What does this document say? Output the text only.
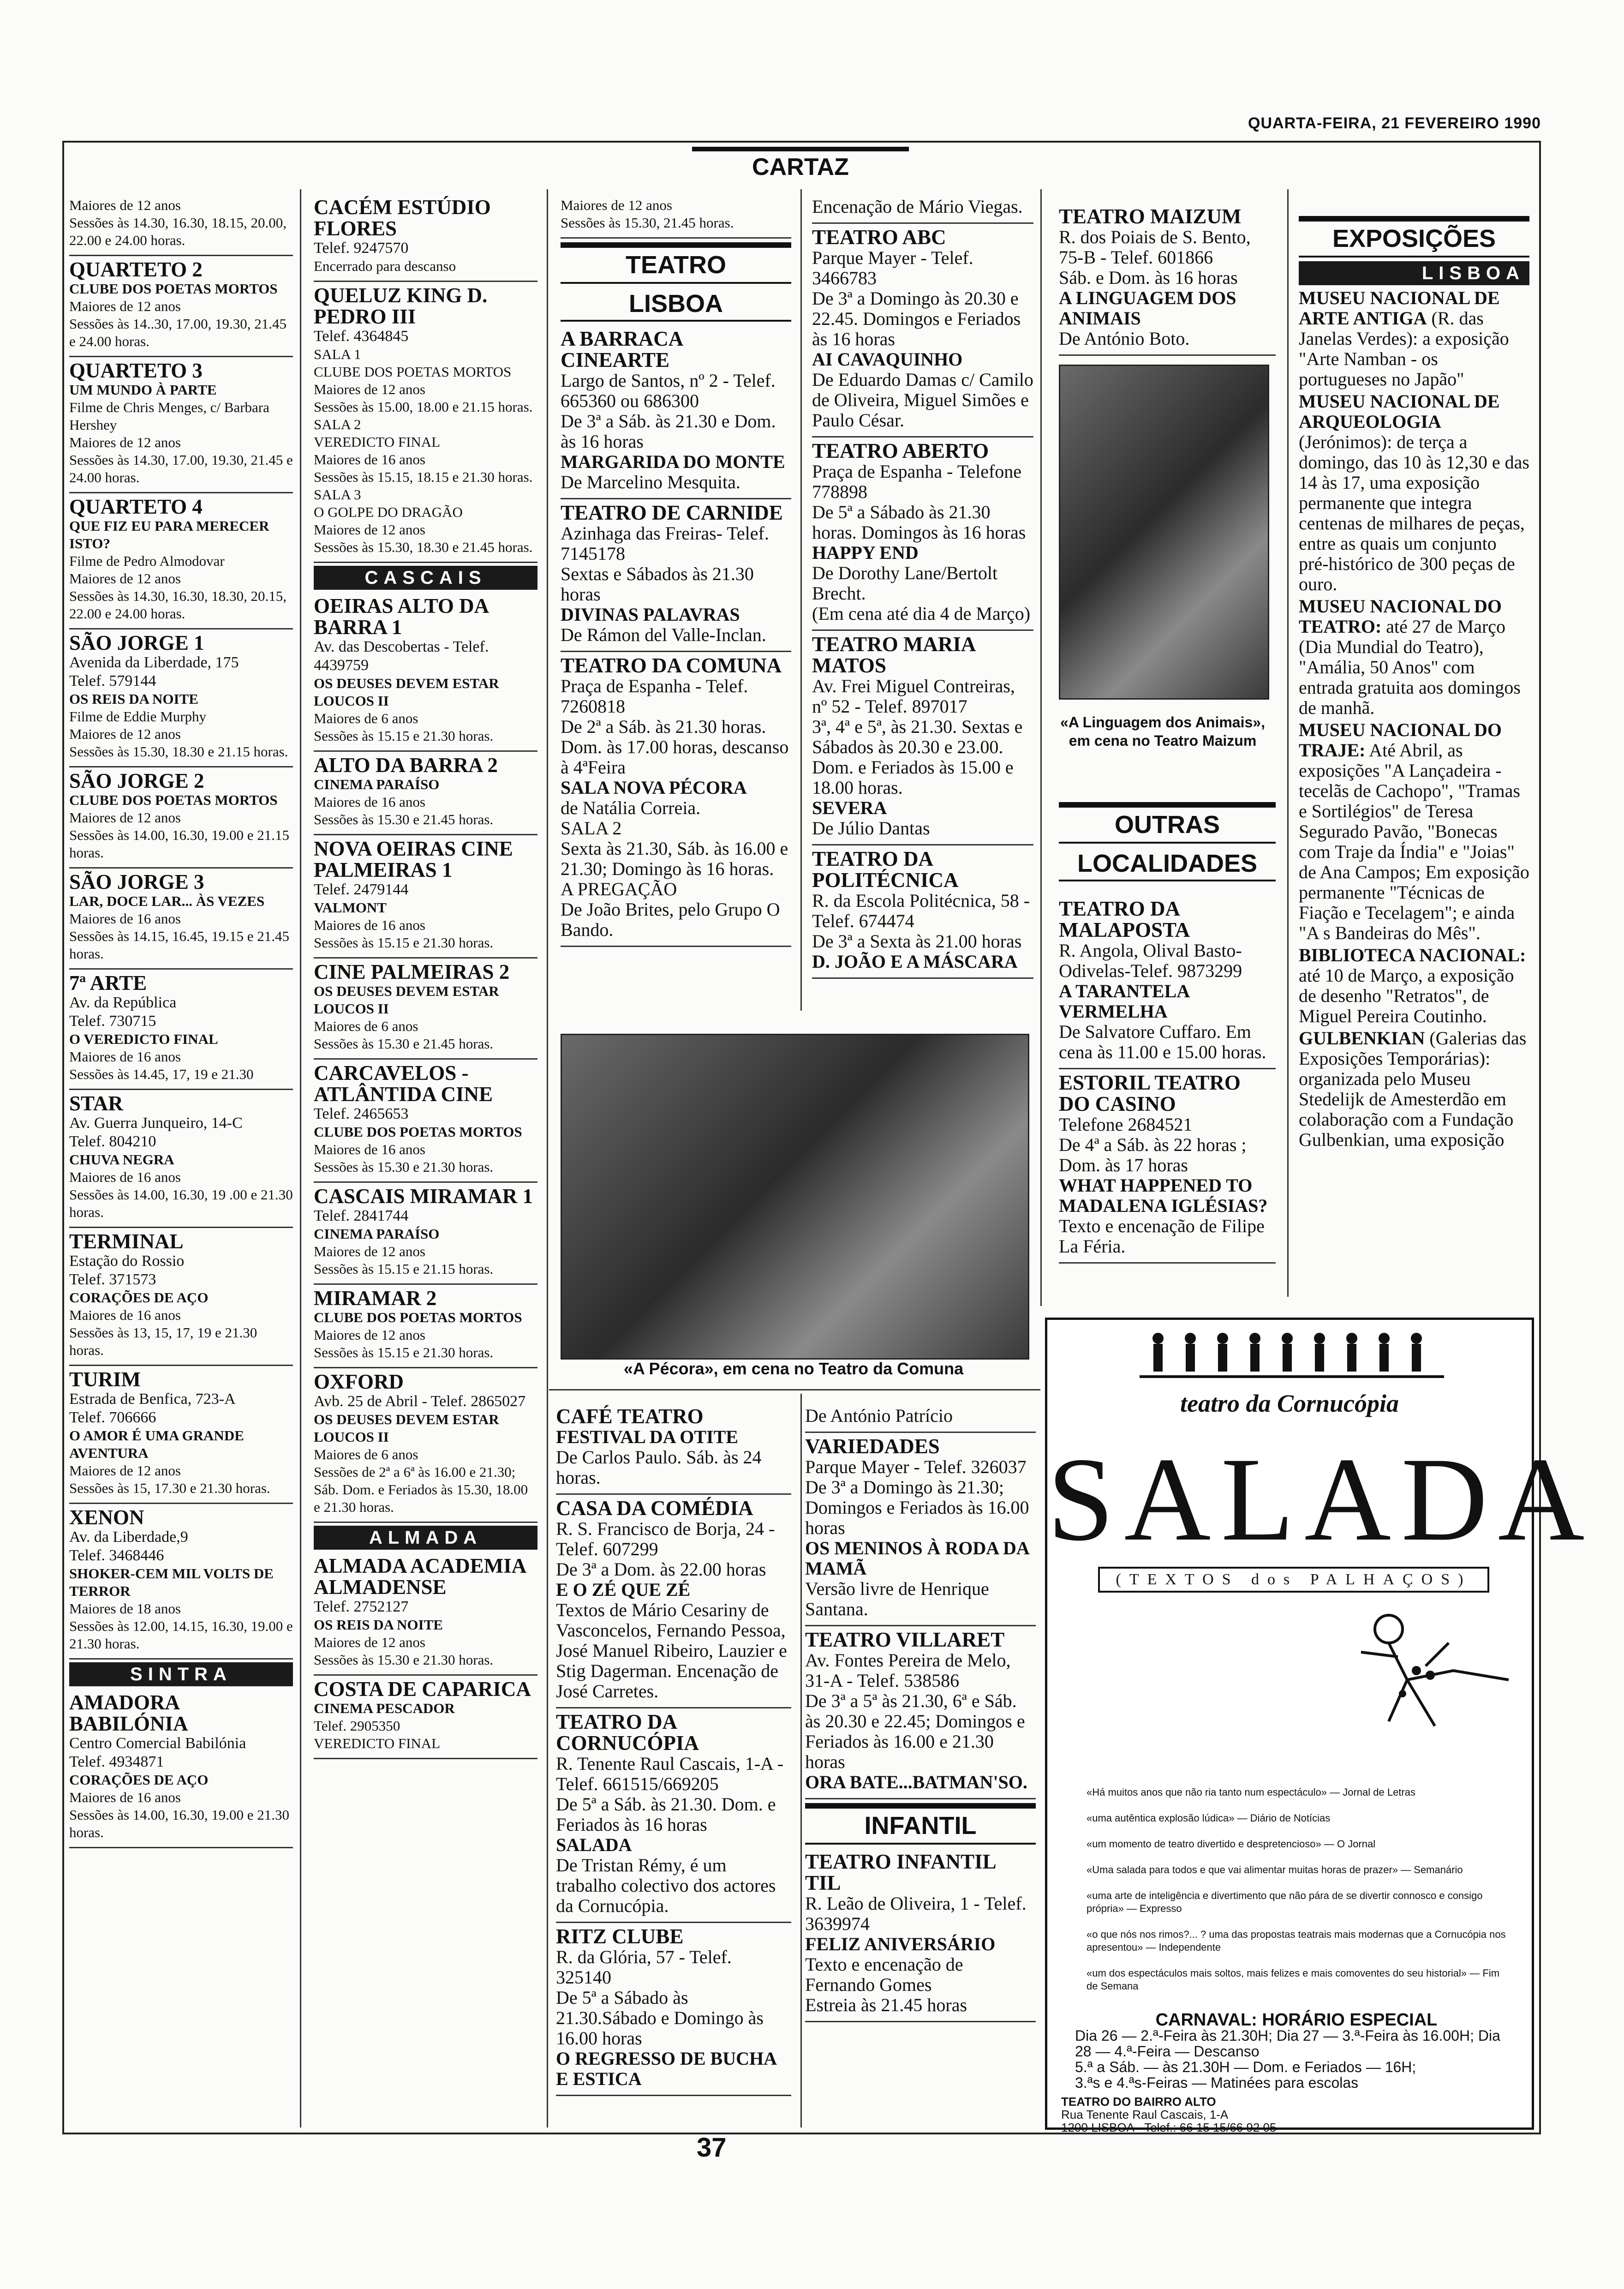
QUARTA-FEIRA, 21 FEVEREIRO 1990
CARTAZ
Maiores de 12 anos
Sessões às 14.30, 16.30, 18.15, 20.00, 22.00 e 24.00 horas.
QUARTETO 2
CLUBE DOS POETAS MORTOS
Maiores de 12 anos
Sessões às 14..30, 17.00, 19.30, 21.45 e 24.00 horas.
QUARTETO 3
UM MUNDO À PARTE
Filme de Chris Menges, c/ Barbara Hershey
Maiores de 12 anos
Sessões às 14.30, 17.00, 19.30, 21.45 e 24.00 horas.
QUARTETO 4
QUE FIZ EU PARA MERECER ISTO?
Filme de Pedro Almodovar
Maiores de 12 anos
Sessões às 14.30, 16.30, 18.30, 20.15, 22.00 e 24.00 horas.
SÃO JORGE 1
Avenida da Liberdade, 175
Telef. 579144
OS REIS DA NOITE
Filme de Eddie Murphy
Maiores de 12 anos
Sessões às 15.30, 18.30 e 21.15 horas.
SÃO JORGE 2
CLUBE DOS POETAS MORTOS
Maiores de 12 anos
Sessões às 14.00, 16.30, 19.00 e 21.15 horas.
SÃO JORGE 3
LAR, DOCE LAR... ÀS VEZES
Maiores de 16 anos
Sessões às 14.15, 16.45, 19.15 e 21.45 horas.
7ª ARTE
Av. da República
Telef. 730715
O VEREDICTO FINAL
Maiores de 16 anos
Sessões às 14.45, 17, 19 e 21.30
STAR
Av. Guerra Junqueiro, 14-C
Telef. 804210
CHUVA NEGRA
Maiores de 16 anos
Sessões às 14.00, 16.30, 19 .00 e 21.30 horas.
TERMINAL
Estação do Rossio
Telef. 371573
CORAÇÕES DE AÇO
Maiores de 16 anos
Sessões às 13, 15, 17, 19 e 21.30 horas.
TURIM
Estrada de Benfica, 723-A
Telef. 706666
O AMOR É UMA GRANDE AVENTURA
Maiores de 12 anos
Sessões às 15, 17.30 e 21.30 horas.
XENON
Av. da Liberdade,9
Telef. 3468446
SHOKER-CEM MIL VOLTS DE TERROR
Maiores de 18 anos
Sessões às 12.00, 14.15, 16.30, 19.00 e 21.30 horas.
SINTRA
AMADORA BABILÓNIA
Centro Comercial Babilónia
Telef. 4934871
CORAÇÕES DE AÇO
Maiores de 16 anos
Sessões às 14.00, 16.30, 19.00 e 21.30 horas.
CACÉM ESTÚDIO FLORES
Telef. 9247570
Encerrado para descanso
QUELUZ KING D. PEDRO III
Telef. 4364845
SALA 1
CLUBE DOS POETAS MORTOS
Maiores de 12 anos
Sessões às 15.00, 18.00 e 21.15 horas.
SALA 2
VEREDICTO FINAL
Maiores de 16 anos
Sessões às 15.15, 18.15 e 21.30 horas.
SALA 3
O GOLPE DO DRAGÃO
Maiores de 12 anos
Sessões às 15.30, 18.30 e 21.45 horas.
CASCAIS
OEIRAS ALTO DA BARRA 1
Av. das Descobertas - Telef. 4439759
OS DEUSES DEVEM ESTAR LOUCOS II
Maiores de 6 anos
Sessões às 15.15 e 21.30 horas.
ALTO DA BARRA 2
CINEMA PARAÍSO
Maiores de 16 anos
Sessões às 15.30 e 21.45 horas.
NOVA OEIRAS CINE PALMEIRAS 1
Telef. 2479144
VALMONT
Maiores de 16 anos
Sessões às 15.15 e 21.30 horas.
CINE PALMEIRAS 2
OS DEUSES DEVEM ESTAR LOUCOS II
Maiores de 6 anos
Sessões às 15.30 e 21.45 horas.
CARCAVELOS - ATLÂNTIDA CINE
Telef. 2465653
CLUBE DOS POETAS MORTOS
Maiores de 16 anos
Sessões às 15.30 e 21.30 horas.
CASCAIS MIRAMAR 1
Telef. 2841744
CINEMA PARAÍSO
Maiores de 12 anos
Sessões às 15.15 e 21.15 horas.
MIRAMAR 2
CLUBE DOS POETAS MORTOS
Maiores de 12 anos
Sessões às 15.15 e 21.30 horas.
OXFORD
Avb. 25 de Abril - Telef. 2865027
OS DEUSES DEVEM ESTAR LOUCOS II
Maiores de 6 anos
Sessões de 2ª a 6ª às 16.00 e 21.30; Sáb. Dom. e Feriados às 15.30, 18.00 e 21.30 horas.
ALMADA
ALMADA ACADEMIA ALMADENSE
Telef. 2752127
OS REIS DA NOITE
Maiores de 12 anos
Sessões às 15.30 e 21.30 horas.
COSTA DE CAPARICA
CINEMA PESCADOR
Telef. 2905350
VEREDICTO FINAL
Maiores de 12 anos
Sessões às 15.30, 21.45 horas.
TEATRO
LISBOA
A BARRACA CINEARTE
Largo de Santos, nº 2 - Telef. 665360 ou 686300
De 3ª a Sáb. às 21.30 e Dom. às 16 horas
MARGARIDA DO MONTE
De Marcelino Mesquita.
TEATRO DE CARNIDE
Azinhaga das Freiras- Telef. 7145178
Sextas e Sábados às 21.30 horas
DIVINAS PALAVRAS
De Rámon del Valle-Inclan.
TEATRO DA COMUNA
Praça de Espanha - Telef. 7260818
De 2ª a Sáb. às 21.30 horas. Dom. às 17.00 horas, descanso à 4ªFeira
SALA NOVA PÉCORA
de Natália Correia.
SALA 2
Sexta às 21.30, Sáb. às 16.00 e 21.30; Domingo às 16 horas.
A PREGAÇÃO
De João Brites, pelo Grupo O Bando.
Encenação de Mário Viegas.
TEATRO ABC
Parque Mayer - Telef. 3466783
De 3ª a Domingo às 20.30 e 22.45. Domingos e Feriados às 16 horas
AI CAVAQUINHO
De Eduardo Damas c/ Camilo de Oliveira, Miguel Simões e Paulo César.
TEATRO ABERTO
Praça de Espanha - Telefone 778898
De 5ª a Sábado às 21.30 horas. Domingos às 16 horas
HAPPY END
De Dorothy Lane/Bertolt Brecht.
(Em cena até dia 4 de Março)
TEATRO MARIA MATOS
Av. Frei Miguel Contreiras, nº 52 - Telef. 897017
3ª, 4ª e 5ª, às 21.30. Sextas e Sábados às 20.30 e 23.00. Dom. e Feriados às 15.00 e 18.00 horas.
SEVERA
De Júlio Dantas
TEATRO DA POLITÉCNICA
R. da Escola Politécnica, 58 - Telef. 674474
De 3ª a Sexta às 21.00 horas
D. JOÃO E A MÁSCARA
«A Pécora», em cena no Teatro da Comuna
CAFÉ TEATRO
FESTIVAL DA OTITE
De Carlos Paulo. Sáb. às 24 horas.
CASA DA COMÉDIA
R. S. Francisco de Borja, 24 - Telef. 607299
De 3ª a Dom. às 22.00 horas
E O ZÉ QUE ZÉ
Textos de Mário Cesariny de Vasconcelos, Fernando Pessoa, José Manuel Ribeiro, Lauzier e Stig Dagerman. Encenação de José Carretes.
TEATRO DA CORNUCÓPIA
R. Tenente Raul Cascais, 1-A - Telef. 661515/669205
De 5ª a Sáb. às 21.30. Dom. e Feriados às 16 horas
SALADA
De Tristan Rémy, é um trabalho colectivo dos actores da Cornucópia.
RITZ CLUBE
R. da Glória, 57 - Telef. 325140
De 5ª a Sábado às 21.30.Sábado e Domingo às 16.00 horas
O REGRESSO DE BUCHA E ESTICA
De António Patrício
VARIEDADES
Parque Mayer - Telef. 326037
De 3ª a Domingo às 21.30; Domingos e Feriados às 16.00 horas
OS MENINOS À RODA DA MAMÃ
Versão livre de Henrique Santana.
TEATRO VILLARET
Av. Fontes Pereira de Melo, 31-A - Telef. 538586
De 3ª a 5ª às 21.30, 6ª e Sáb. às 20.30 e 22.45; Domingos e Feriados às 16.00 e 21.30 horas
ORA BATE...BATMAN'SO.
INFANTIL
TEATRO INFANTIL TIL
R. Leão de Oliveira, 1 - Telef. 3639974
FELIZ ANIVERSÁRIO
Texto e encenação de Fernando Gomes
Estreia às 21.45 horas
TEATRO MAIZUM
R. dos Poiais de S. Bento, 75-B - Telef. 601866
Sáb. e Dom. às 16 horas
A LINGUAGEM DOS ANIMAIS
De António Boto.
«A Linguagem dos Animais», em cena no Teatro Maizum
OUTRAS
LOCALIDADES
TEATRO DA MALAPOSTA
R. Angola, Olival Basto-Odivelas-Telef. 9873299
A TARANTELA VERMELHA
De Salvatore Cuffaro. Em cena às 11.00 e 15.00 horas.
ESTORIL TEATRO DO CASINO
Telefone 2684521
De 4ª a Sáb. às 22 horas ; Dom. às 17 horas
WHAT HAPPENED TO MADALENA IGLÉSIAS?
Texto e encenação de Filipe La Féria.
EXPOSIÇÕES
LISBOA
MUSEU NACIONAL DE ARTE ANTIGA (R. das Janelas Verdes): a exposição "Arte Namban - os portugueses no Japão"
MUSEU NACIONAL DE ARQUEOLOGIA (Jerónimos): de terça a domingo, das 10 às 12,30 e das 14 às 17, uma exposição permanente que integra centenas de milhares de peças, entre as quais um conjunto pré-histórico de 300 peças de ouro.
MUSEU NACIONAL DO TEATRO: até 27 de Março (Dia Mundial do Teatro), "Amália, 50 Anos" com entrada gratuita aos domingos de manhã.
MUSEU NACIONAL DO TRAJE: Até Abril, as exposições "A Lançadeira - tecelãs de Cachopo", "Tramas e Sortilégios" de Teresa Segurado Pavão, "Bonecas com Traje da Índia" e "Joias" de Ana Campos; Em exposição permanente "Técnicas de Fiação e Tecelagem"; e ainda "A s Bandeiras do Mês".
BIBLIOTECA NACIONAL: até 10 de Março, a exposição de desenho "Retratos", de Miguel Pereira Coutinho.
GULBENKIAN (Galerias das Exposições Temporárias): organizada pelo Museu Stedelijk de Amesterdão em colaboração com a Fundação Gulbenkian, uma exposição
teatro da Cornucópia
SALADA
(TEXTOS dos PALHAÇOS)
«Há muitos anos que não ria tanto num espectáculo» — Jornal de Letras
«uma autêntica explosão lúdica» — Diário de Notícias
«um momento de teatro divertido e despretencioso» — O Jornal
«Uma salada para todos e que vai alimentar muitas horas de prazer» — Semanário
«uma arte de inteligência e divertimento que não pára de se divertir connosco e consigo própria» — Expresso
«o que nós nos rimos?... ? uma das propostas teatrais mais modernas que a Cornucópia nos apresentou» — Independente
«um dos espectáculos mais soltos, mais felizes e mais comoventes do seu historial» — Fim de Semana
CARNAVAL: HORÁRIO ESPECIAL
Dia 26 — 2.ª-Feira às 21.30H; Dia 27 — 3.ª-Feira às 16.00H; Dia 28 — 4.ª-Feira — Descanso
5.ª a Sáb. — às 21.30H — Dom. e Feriados — 16H;
3.ªs e 4.ªs-Feiras — Matinées para escolas
TEATRO DO BAIRRO ALTO
Rua Tenente Raul Cascais, 1-A
1200 LISBOA - Telef.: 66 15 15/66 92 05
37
